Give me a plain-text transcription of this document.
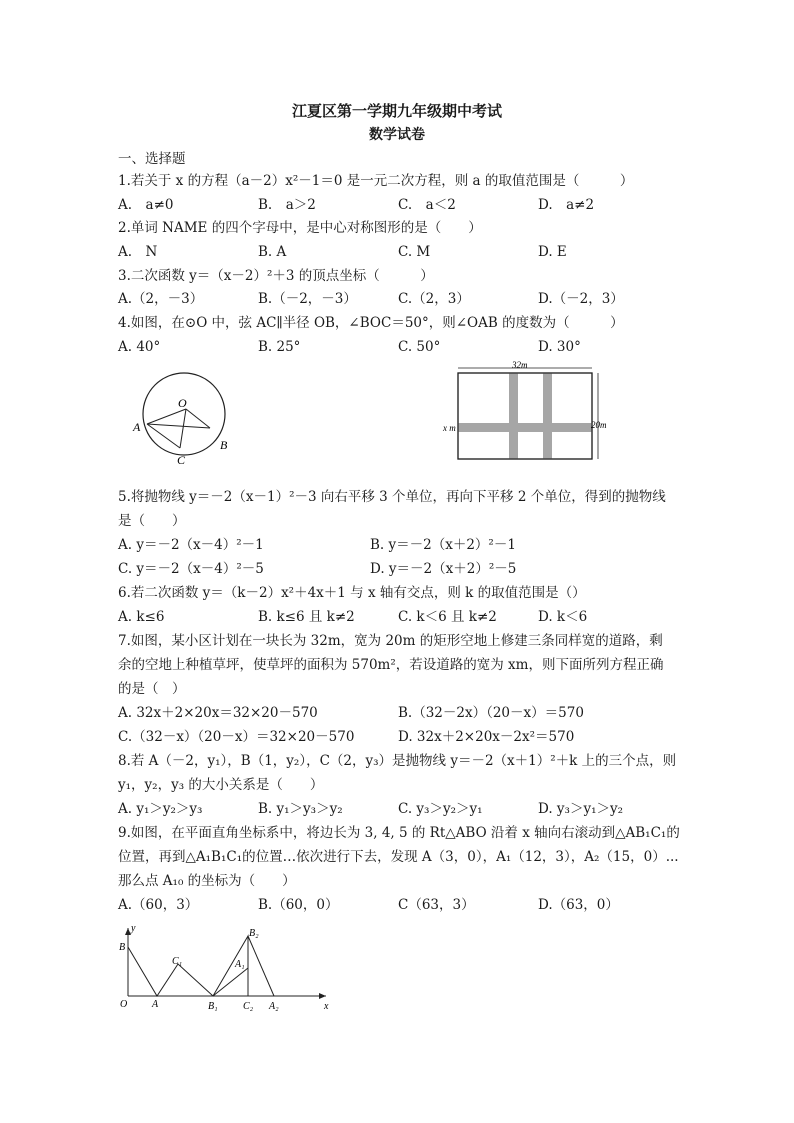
江夏区第一学期九年级期中考试
数学试卷
一、选择题
1.若关于 x 的方程（a－2）x²－1＝0 是一元二次方程，则 a 的取值范围是（　　　）
A.　a≠0	B.　a＞2	C.　a＜2	D.　a≠2
2.单词 NAME 的四个字母中，是中心对称图形的是（　　）
A.　N	B. A	C. M	D. E
3.二次函数 y＝（x－2）²＋3 的顶点坐标（　　　）
A.（2，－3）	B.（－2，－3）	C.（2，3）	D.（－2，3）
4.如图，在⊙O 中，弦 AC∥半径 OB，∠BOC＝50°，则∠OAB 的度数为（　　　）
A. 40°	B. 25°	C. 50°	D. 30°
O
A
B
C
32m
20m
x m
5.将抛物线 y＝－2（x－1）²－3 向右平移 3 个单位，再向下平移 2 个单位，得到的抛物线
是（　　）
A. y＝－2（x－4）²－1	B. y＝－2（x＋2）²－1
C. y＝－2（x－4）²－5	D. y＝－2（x＋2）²－5
6.若二次函数 y＝（k－2）x²＋4x＋1 与 x 轴有交点，则 k 的取值范围是（）
A. k≤6	B. k≤6 且 k≠2	C. k＜6 且 k≠2	D. k＜6
7.如图，某小区计划在一块长为 32m，宽为 20m 的矩形空地上修建三条同样宽的道路，剩
余的空地上种植草坪，使草坪的面积为 570m²，若设道路的宽为 xm，则下面所列方程正确
的是（　）
A. 32x＋2×20x＝32×20－570	B.（32－2x）（20－x）＝570
C.（32－x）（20－x）＝32×20－570	D. 32x＋2×20x－2x²＝570
8.若 A（－2，y₁），B（1，y₂），C（2，y₃）是抛物线 y＝－2（x＋1）²＋k 上的三个点，则
y₁，y₂，y₃ 的大小关系是（　　）
A. y₁＞y₂＞y₃	B. y₁＞y₃＞y₂	C. y₃＞y₂＞y₁	D. y₃＞y₁＞y₂
9.如图，在平面直角坐标系中，将边长为 3, 4, 5 的 Rt△ABO 沿着 x 轴向右滚动到△AB₁C₁的
位置，再到△A₁B₁C₁的位置…依次进行下去，发现 A（3，0），A₁（12，3），A₂（15，0）...
那么点 A₁₀ 的坐标为（　　）
A.（60，3）	B.（60，0）	C（63，3）	D.（63，0）
y
B
O A
C₁
B₁
A₁
B₂
C₂ A₂	x
